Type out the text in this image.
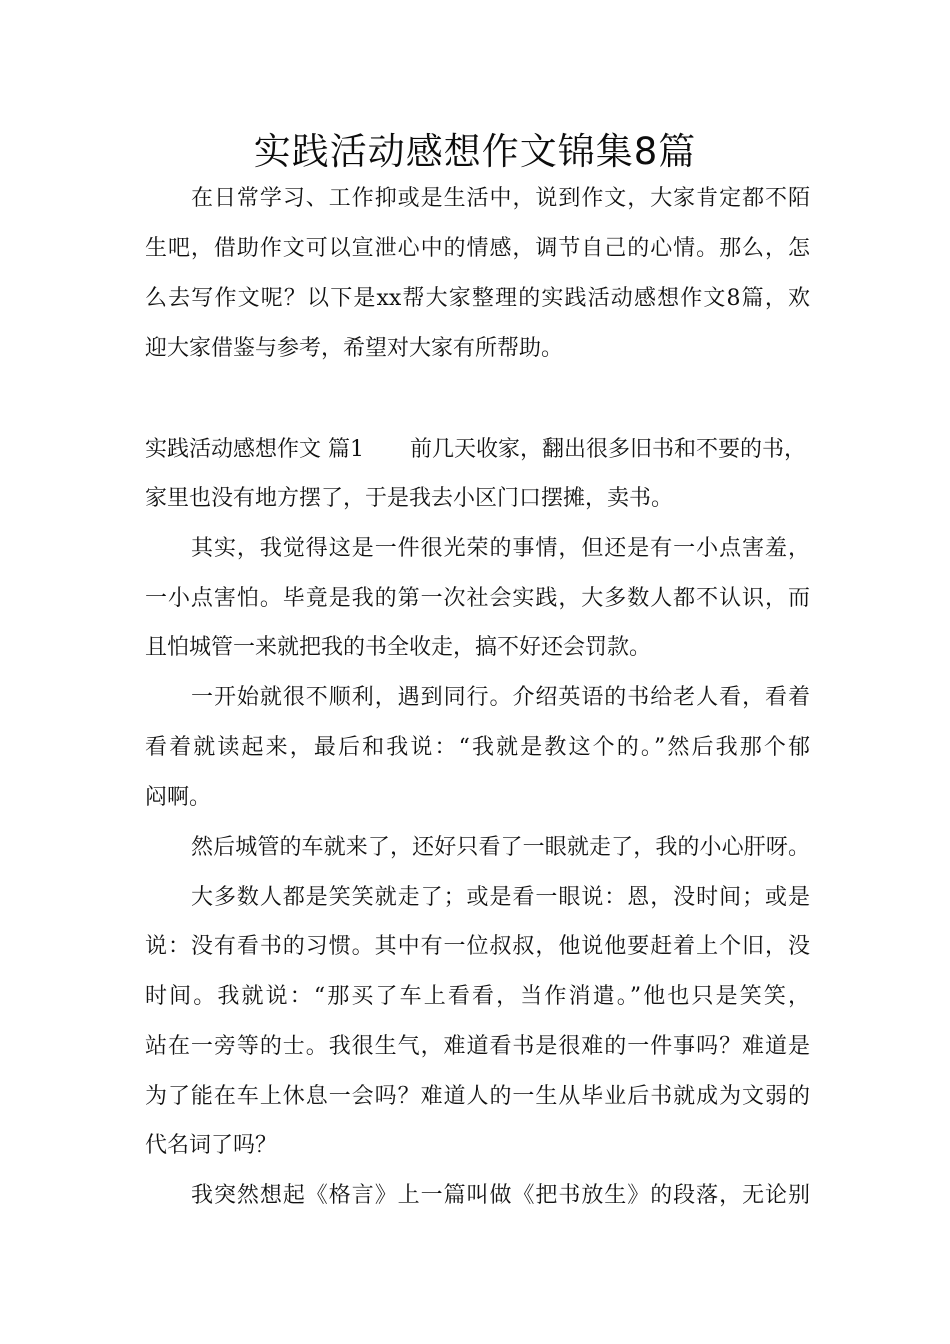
实践活动感想作文锦集8篇
在日常学习、工作抑或是生活中，说到作文，大家肯定都不陌
生吧，借助作文可以宣泄心中的情感，调节自己的心情。那么，怎
么去写作文呢？以下是xx帮大家整理的实践活动感想作文8篇，欢
迎大家借鉴与参考，希望对大家有所帮助。
实践活动感想作文 篇1 前几天收家，翻出很多旧书和不要的书，
家里也没有地方摆了，于是我去小区门口摆摊，卖书。
其实，我觉得这是一件很光荣的事情，但还是有一小点害羞，
一小点害怕。毕竟是我的第一次社会实践，大多数人都不认识，而
且怕城管一来就把我的书全收走，搞不好还会罚款。
一开始就很不顺利，遇到同行。介绍英语的书给老人看，看着
看着就读起来，最后和我说：“我就是教这个的。”然后我那个郁
闷啊。
然后城管的车就来了，还好只看了一眼就走了，我的小心肝呀。
大多数人都是笑笑就走了；或是看一眼说：恩，没时间；或是
说：没有看书的习惯。其中有一位叔叔，他说他要赶着上个旧，没
时间。我就说：“那买了车上看看，当作消遣。”他也只是笑笑，
站在一旁等的士。我很生气，难道看书是很难的一件事吗？难道是
为了能在车上休息一会吗？难道人的一生从毕业后书就成为文弱的
代名词了吗？
我突然想起《格言》上一篇叫做《把书放生》的段落，无论别
